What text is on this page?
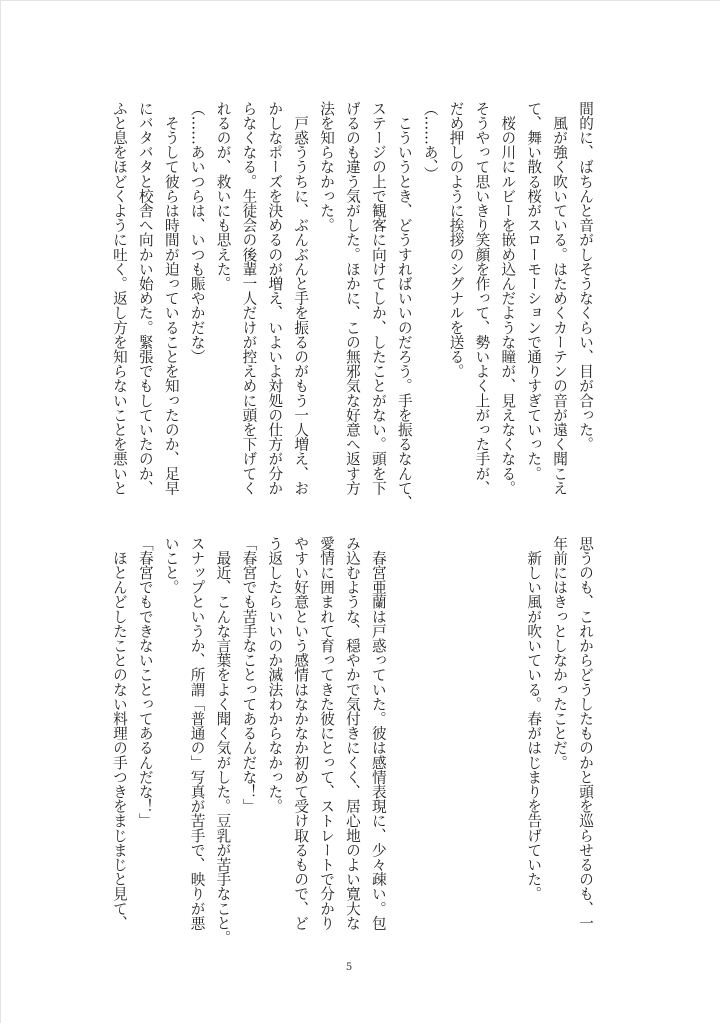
間的に、ばちんと音がしそうなくらい、目が合った。
　風が強く吹いている。はためくカーテンの音が遠く聞こえ
て、舞い散る桜がスローモーションで通りすぎていった。
　桜の川にルビーを嵌め込んだような瞳が、見えなくなる。
そうやって思いきり笑顔を作って、勢いよく上がった手が、
だめ押しのように挨拶のシグナルを送る。
（……あ、）
　こういうとき、どうすればいいのだろう。手を振るなんて、
ステージの上で観客に向けてしか、したことがない。頭を下
げるのも違う気がした。ほかに、この無邪気な好意へ返す方
法を知らなかった。
　戸惑ううちに、ぶんぶんと手を振るのがもう一人増え、お
かしなポーズを決めるのが増え、いよいよ対処の仕方が分か
らなくなる。生徒会の後輩一人だけが控えめに頭を下げてく
れるのが、救いにも思えた。
（……あいつらは、いつも賑やかだな）
　そうして彼らは時間が迫っていることを知ったのか、足早
にバタバタと校舎へ向かい始めた。緊張でもしていたのか、
ふと息をほどくように吐く。返し方を知らないことを悪いと
思うのも、これからどうしたものかと頭を巡らせるのも、一
年前にはきっとしなかったことだ。
　新しい風が吹いている。春がはじまりを告げていた。
　春宮亜蘭は戸惑っていた。彼は感情表現に、少々疎い。包
み込むような、穏やかで気付きにくく、居心地のよい寛大な
愛情に囲まれて育ってきた彼にとって、ストレートで分かり
やすい好意という感情はなかなか初めて受け取るもので、ど
う返したらいいのか滅法わからなかった。
「春宮でも苦手なことってあるんだな！」
　最近、こんな言葉をよく聞く気がした。豆乳が苦手なこと。
スナップというか、所謂「普通の」写真が苦手で、映りが悪
いこと。
「春宮でもできないことってあるんだな！」
　ほとんどしたことのない料理の手つきをまじまじと見て、
5
